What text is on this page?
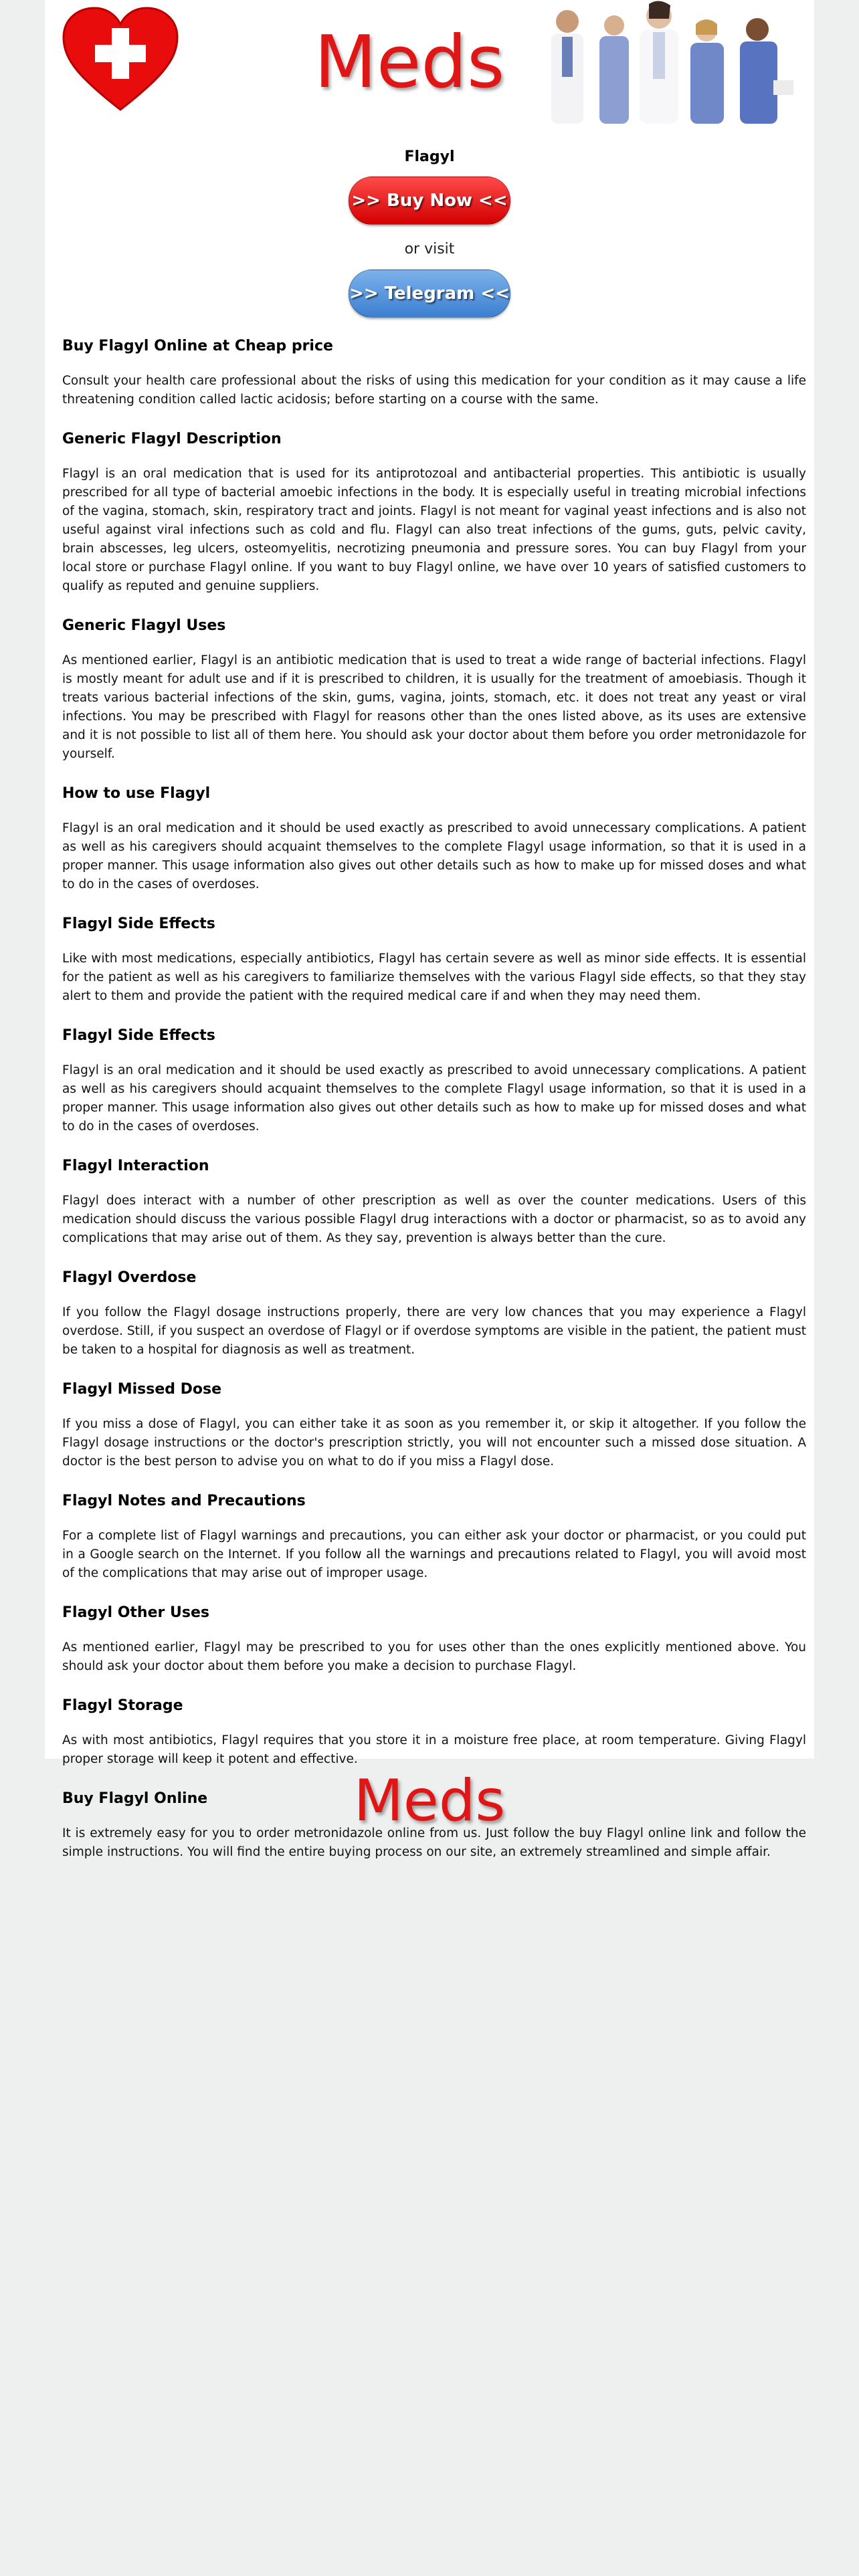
Meds
Flagyl
>> Buy Now <<
or visit
>> Telegram <<
Buy Flagyl Online at Cheap price

Consult your health care professional about the risks of using this medication for your condition as it may cause a life threatening condition called lactic acidosis; before starting on a course with the same.

Generic Flagyl Description

Flagyl is an oral medication that is used for its antiprotozoal and antibacterial properties. This antibiotic is usually prescribed for all type of bacterial amoebic infections in the body. It is especially useful in treating microbial infections of the vagina, stomach, skin, respiratory tract and joints. Flagyl is not meant for vaginal yeast infections and is also not useful against viral infections such as cold and flu. Flagyl can also treat infections of the gums, guts, pelvic cavity, brain abscesses, leg ulcers, osteomyelitis, necrotizing pneumonia and pressure sores. You can buy Flagyl from your local store or purchase Flagyl online. If you want to buy Flagyl online, we have over 10 years of satisfied customers to qualify as reputed and genuine suppliers.

Generic Flagyl Uses

As mentioned earlier, Flagyl is an antibiotic medication that is used to treat a wide range of bacterial infections. Flagyl is mostly meant for adult use and if it is prescribed to children, it is usually for the treatment of amoebiasis. Though it treats various bacterial infections of the skin, gums, vagina, joints, stomach, etc. it does not treat any yeast or viral infections. You may be prescribed with Flagyl for reasons other than the ones listed above, as its uses are extensive and it is not possible to list all of them here. You should ask your doctor about them before you order metronidazole for yourself.

How to use Flagyl

Flagyl is an oral medication and it should be used exactly as prescribed to avoid unnecessary complications. A patient as well as his caregivers should acquaint themselves to the complete Flagyl usage information, so that it is used in a proper manner. This usage information also gives out other details such as how to make up for missed doses and what to do in the cases of overdoses.

Flagyl Side Effects

Like with most medications, especially antibiotics, Flagyl has certain severe as well as minor side effects. It is essential for the patient as well as his caregivers to familiarize themselves with the various Flagyl side effects, so that they stay alert to them and provide the patient with the required medical care if and when they may need them.

Flagyl Side Effects

Flagyl is an oral medication and it should be used exactly as prescribed to avoid unnecessary complications. A patient as well as his caregivers should acquaint themselves to the complete Flagyl usage information, so that it is used in a proper manner. This usage information also gives out other details such as how to make up for missed doses and what to do in the cases of overdoses.

Flagyl Interaction

Flagyl does interact with a number of other prescription as well as over the counter medications. Users of this medication should discuss the various possible Flagyl drug interactions with a doctor or pharmacist, so as to avoid any complications that may arise out of them. As they say, prevention is always better than the cure.

Flagyl Overdose

If you follow the Flagyl dosage instructions properly, there are very low chances that you may experience a Flagyl overdose. Still, if you suspect an overdose of Flagyl or if overdose symptoms are visible in the patient, the patient must be taken to a hospital for diagnosis as well as treatment.

Flagyl Missed Dose

If you miss a dose of Flagyl, you can either take it as soon as you remember it, or skip it altogether. If you follow the Flagyl dosage instructions or the doctor's prescription strictly, you will not encounter such a missed dose situation. A doctor is the best person to advise you on what to do if you miss a Flagyl dose.

Flagyl Notes and Precautions

For a complete list of Flagyl warnings and precautions, you can either ask your doctor or pharmacist, or you could put in a Google search on the Internet. If you follow all the warnings and precautions related to Flagyl, you will avoid most of the complications that may arise out of improper usage.

Flagyl Other Uses

As mentioned earlier, Flagyl may be prescribed to you for uses other than the ones explicitly mentioned above. You should ask your doctor about them before you make a decision to purchase Flagyl.

Flagyl Storage

As with most antibiotics, Flagyl requires that you store it in a moisture free place, at room temperature. Giving Flagyl proper storage will keep it potent and effective.

Buy Flagyl Online

It is extremely easy for you to order metronidazole online from us. Just follow the buy Flagyl online link and follow the simple instructions. You will find the entire buying process on our site, an extremely streamlined and simple affair.

Meds
